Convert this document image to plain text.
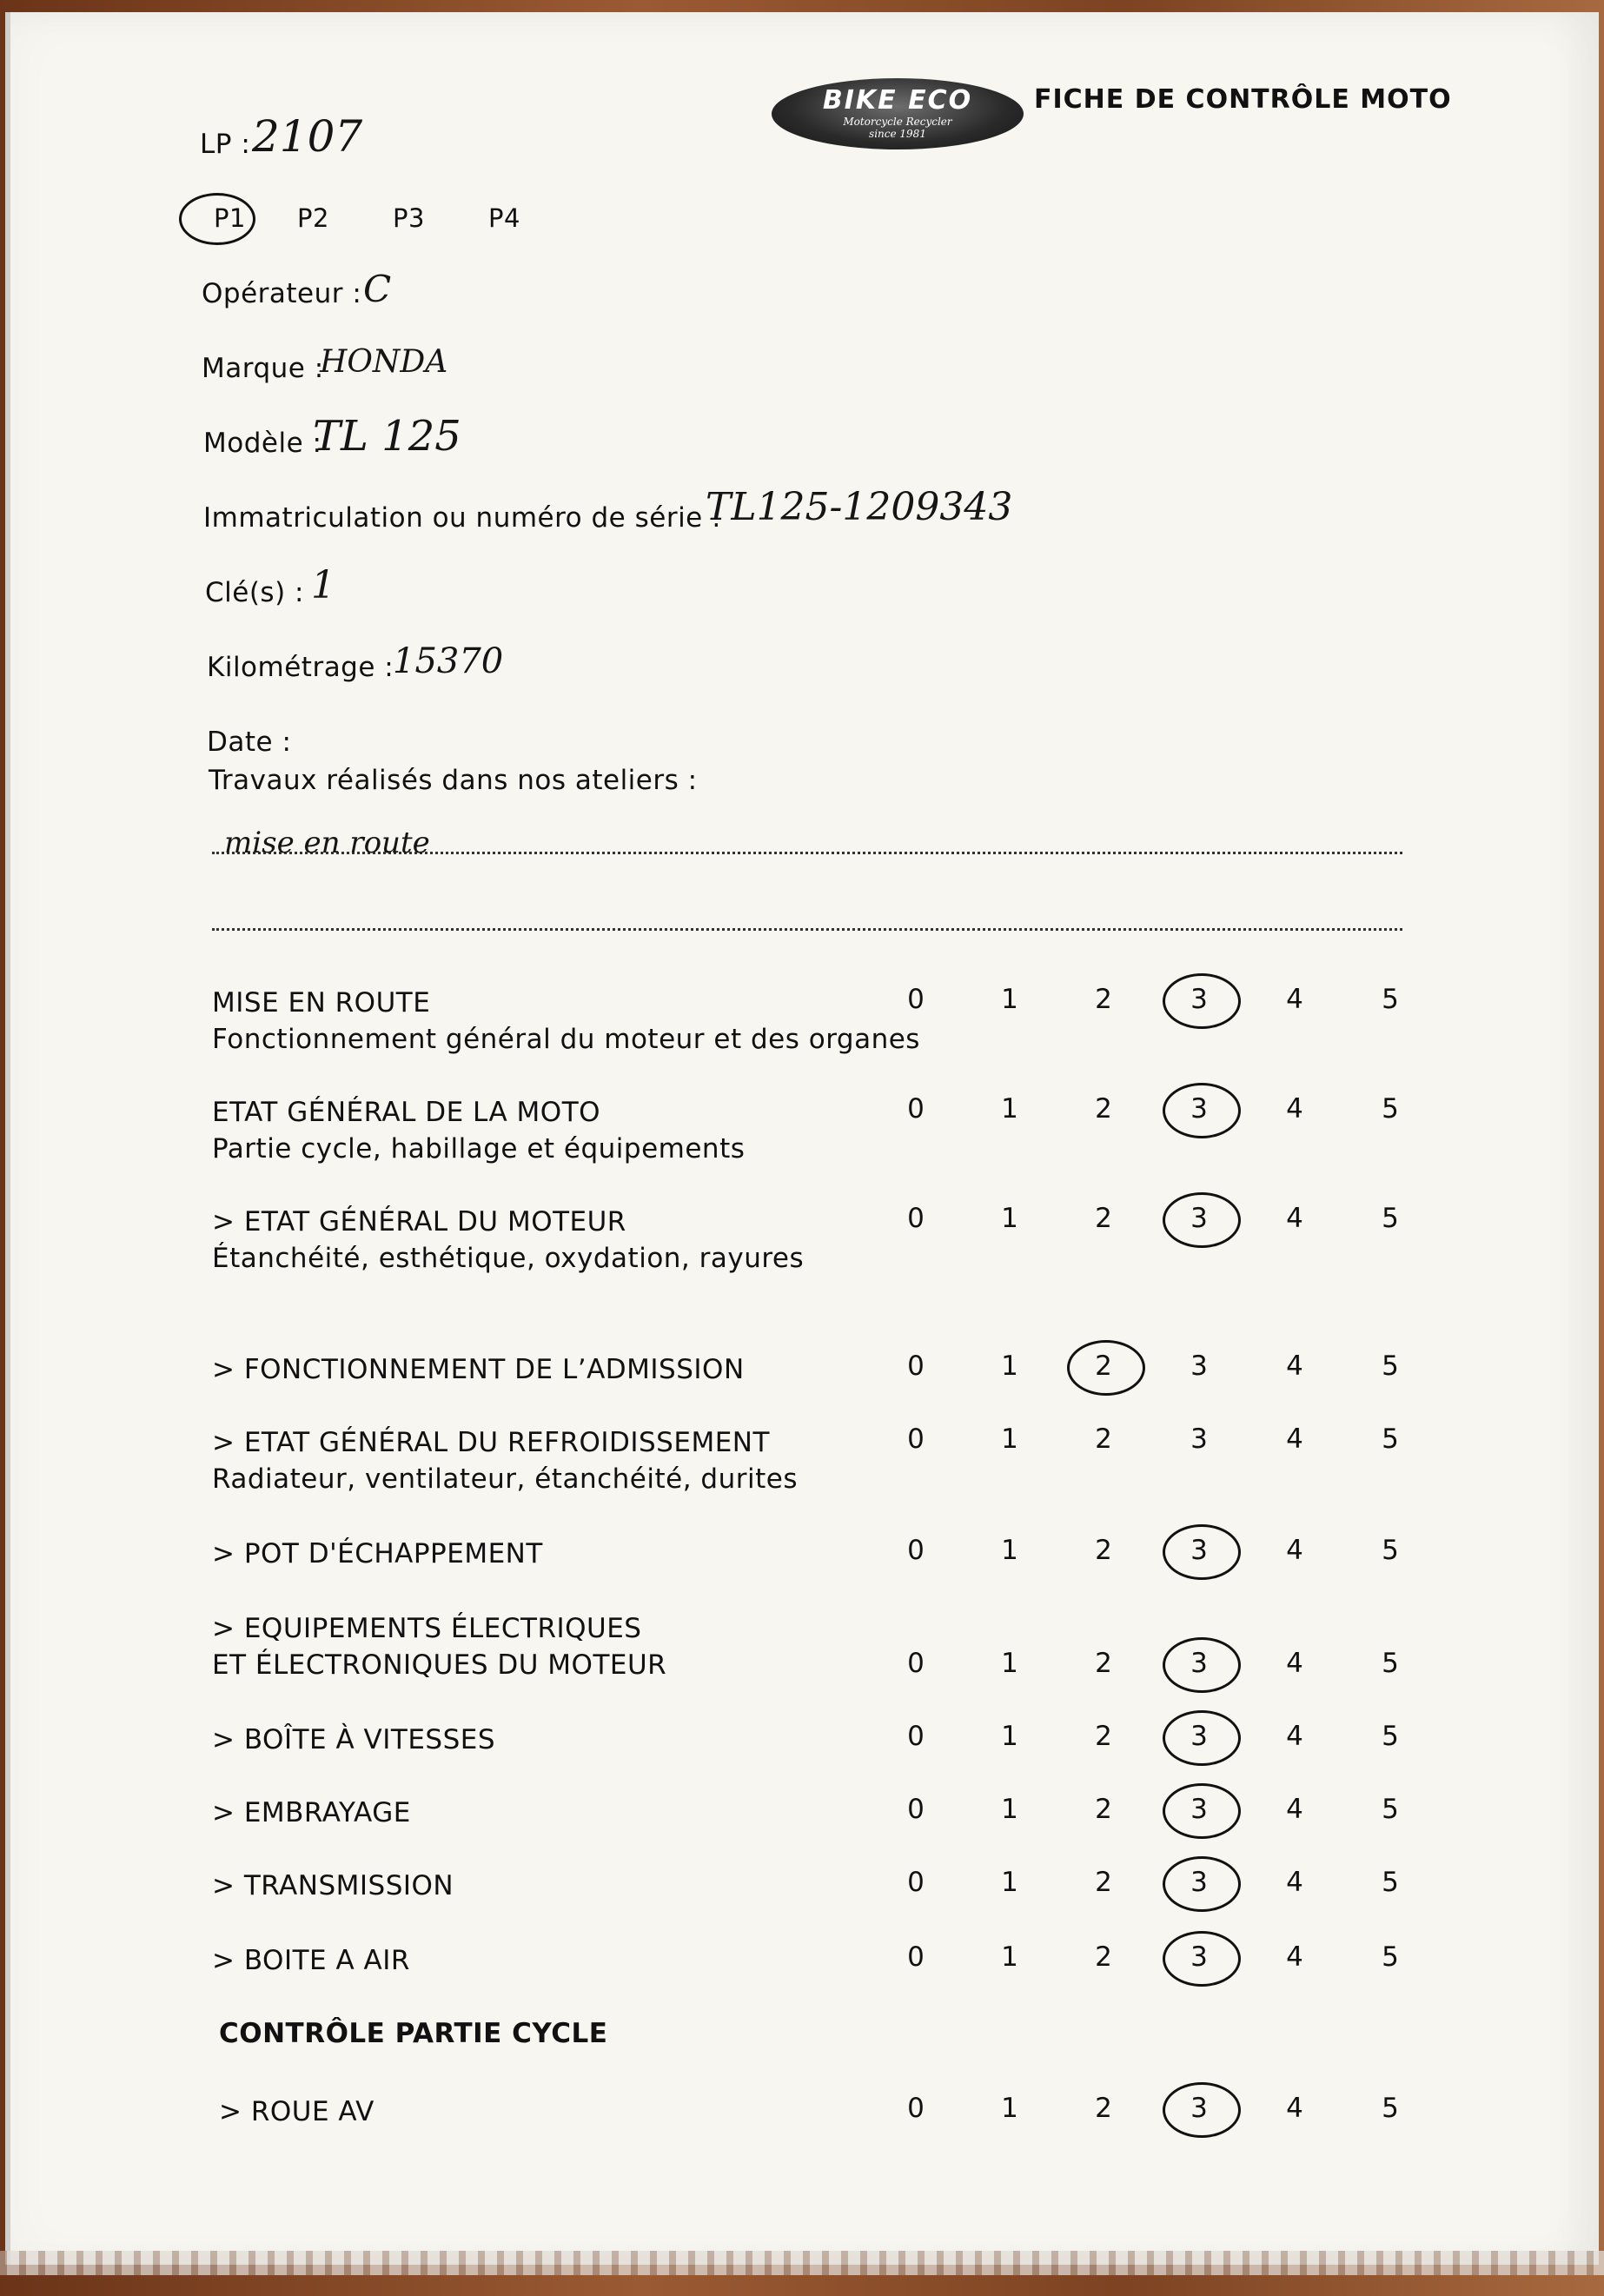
BIKE ECO
Motorcycle Recycler
since 1981
FICHE DE CONTRÔLE MOTO
LP : 2107
P1 P2	P3	P4
Opérateur : C
Marque :
HONDA
Modèle :
TL 125
Immatriculation ou numéro de série :
TL125-1209343
Clé(s) : 1
Kilométrage :
15370
Date :
Travaux réalisés dans nos ateliers :
mise en route
MISE EN ROUTE
Fonctionnement général du moteur et des organes
0	1	2	3	4	5
ETAT GÉNÉRAL DE LA MOTO
Partie cycle, habillage et équipements
0	1	2	3	4	5
> ETAT GÉNÉRAL DU MOTEUR
Étanchéité, esthétique, oxydation, rayures
0	1	2	3	4	5
> FONCTIONNEMENT DE L’ADMISSION	0	1	2	3	4	5
> ETAT GÉNÉRAL DU REFROIDISSEMENT
Radiateur, ventilateur, étanchéité, durites
0	1	2	3	4	5
> POT D'ÉCHAPPEMENT	0	1	2	3	4	5
> EQUIPEMENTS ÉLECTRIQUES
ET ÉLECTRONIQUES DU MOTEUR	0	1	2	3	4	5
> BOÎTE À VITESSES	0	1	2	3	4	5
> EMBRAYAGE	0	1	2	3	4	5
> TRANSMISSION	0	1	2	3	4	5
> BOITE A AIR	0	1	2	3	4	5
CONTRÔLE PARTIE CYCLE
> ROUE AV	0	1	2	3	4	5
